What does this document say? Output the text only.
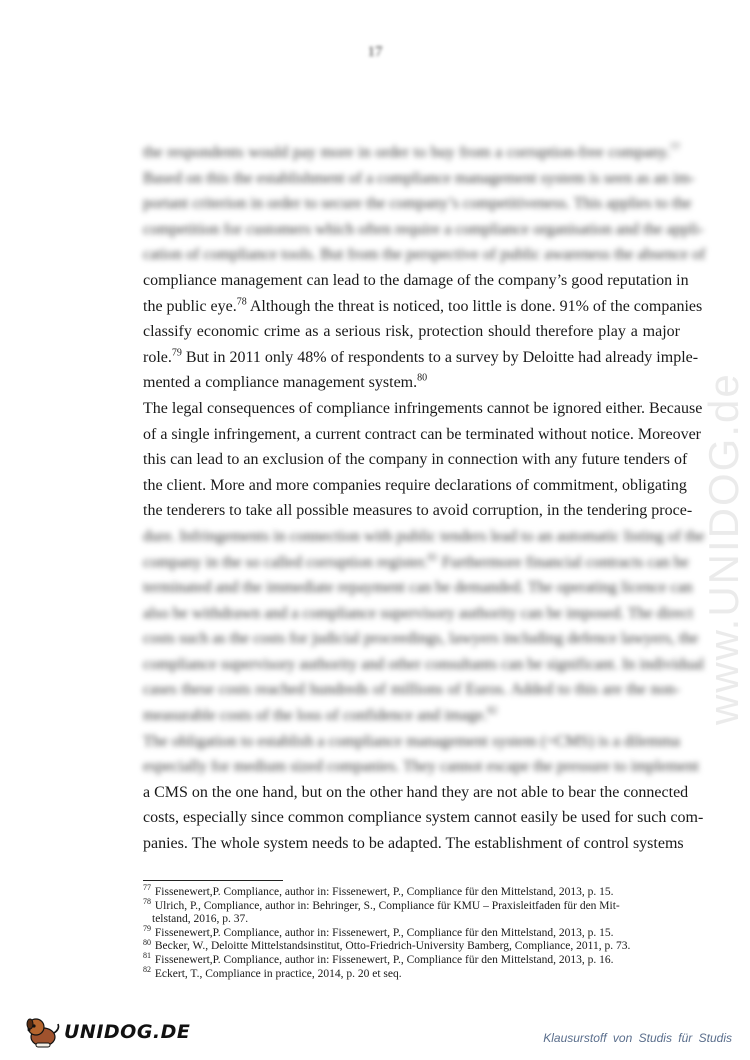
17
www.UNIDOG.de
the respondents would pay more in order to buy from a corruption-free company.$^{77}$
Based on this the establishment of a compliance management system is seen as an im-
portant criterion in order to secure the company’s competitiveness. This applies to the
competition for customers which often require a compliance organisation and the appli-
cation of compliance tools. But from the perspective of public awareness the absence of
compliance management can lead to the damage of the company’s good reputation in
the public eye.$^{78}$ Although the threat is noticed, too little is done. 91% of the companies
classify economic crime as a serious risk, protection should therefore play a major
role.$^{79}$ But in 2011 only 48% of respondents to a survey by Deloitte had already imple-
mented a compliance management system.$^{80}$
The legal consequences of compliance infringements cannot be ignored either. Because
of a single infringement, a current contract can be terminated without notice. Moreover
this can lead to an exclusion of the company in connection with any future tenders of
the client. More and more companies require declarations of commitment, obligating
the tenderers to take all possible measures to avoid corruption, in the tendering proce-
dure. Infringements in connection with public tenders lead to an automatic listing of the
company in the so called corruption register.$^{81}$ Furthermore financial contracts can be
terminated and the immediate repayment can be demanded. The operating licence can
also be withdrawn and a compliance supervisory authority can be imposed. The direct
costs such as the costs for judicial proceedings, lawyers including defence lawyers, the
compliance supervisory authority and other consultants can be significant. In individual
cases these costs reached hundreds of millions of Euros. Added to this are the non-
measurable costs of the loss of confidence and image.$^{82}$
The obligation to establish a compliance management system (=CMS) is a dilemma
especially for medium sized companies. They cannot escape the pressure to implement
a CMS on the one hand, but on the other hand they are not able to bear the connected
costs, especially since common compliance system cannot easily be used for such com-
panies. The whole system needs to be adapted. The establishment of control systems
$^{77}$ Fissenewert,P. Compliance, author in: Fissenewert, P., Compliance für den Mittelstand, 2013, p. 15.
$^{78}$ Ulrich, P., Compliance, author in: Behringer, S., Compliance für KMU – Praxisleitfaden für den Mit-
telstand, 2016, p. 37.
$^{79}$ Fissenewert,P. Compliance, author in: Fissenewert, P., Compliance für den Mittelstand, 2013, p. 15.
$^{80}$ Becker, W., Deloitte Mittelstandsinstitut, Otto-Friedrich-University Bamberg, Compliance, 2011, p. 73.
$^{81}$ Fissenewert,P. Compliance, author in: Fissenewert, P., Compliance für den Mittelstand, 2013, p. 16.
$^{82}$ Eckert, T., Compliance in practice, 2014, p. 20 et seq.
UNIDOG.DE	Klausurstoff von Studis für Studis
